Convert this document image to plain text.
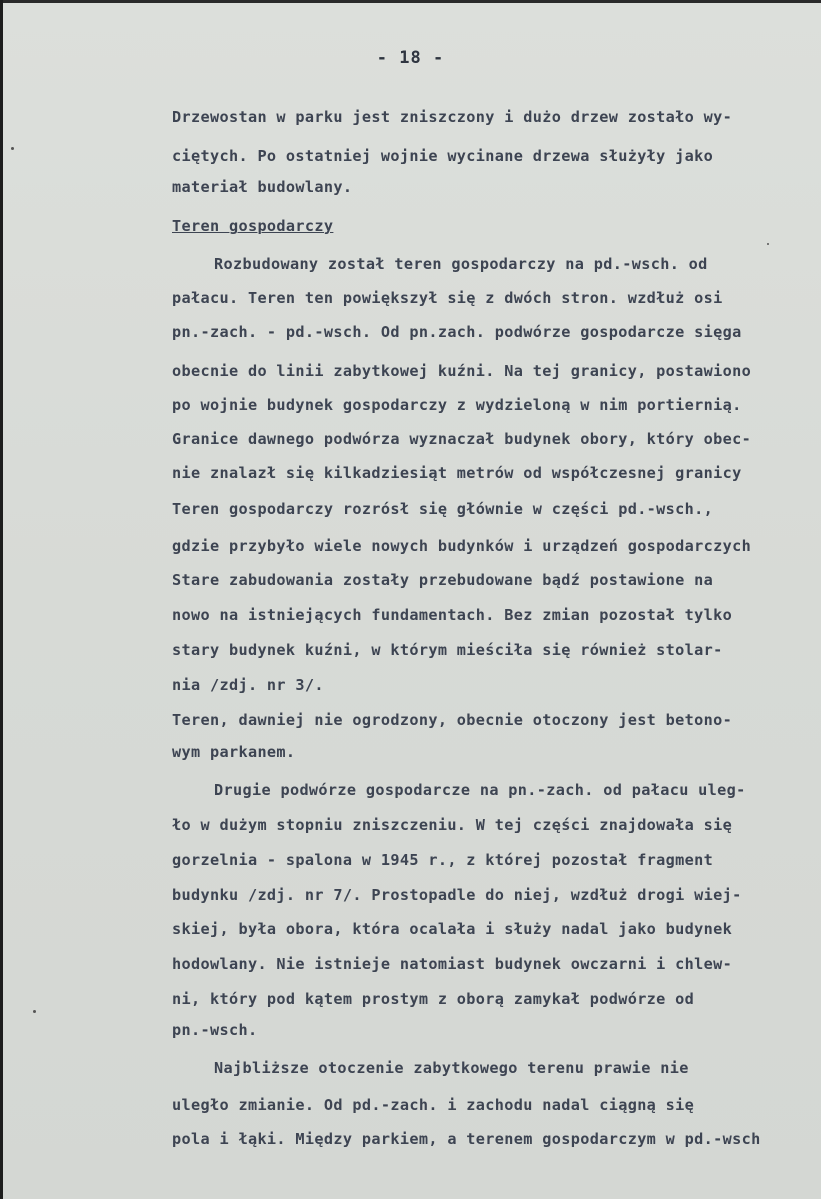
- 18 -
Drzewostan w parku jest zniszczony i dużo drzew zostało wy-
ciętych. Po ostatniej wojnie wycinane drzewa służyły jako
materiał budowlany.
Teren gospodarczy
Rozbudowany został teren gospodarczy na pd.-wsch. od
pałacu. Teren ten powiększył się z dwóch stron. wzdłuż osi
pn.-zach. - pd.-wsch. Od pn.zach. podwórze gospodarcze sięga
obecnie do linii zabytkowej kuźni. Na tej granicy, postawiono
po wojnie budynek gospodarczy z wydzieloną w nim portiernią.
Granice dawnego podwórza wyznaczał budynek obory, który obec-
nie znalazł się kilkadziesiąt metrów od współczesnej granicy
Teren gospodarczy rozrósł się głównie w części pd.-wsch.,
gdzie przybyło wiele nowych budynków i urządzeń gospodarczych
Stare zabudowania zostały przebudowane bądź postawione na
nowo na istniejących fundamentach. Bez zmian pozostał tylko
stary budynek kuźni, w którym mieściła się również stolar-
nia /zdj. nr 3/.
Teren, dawniej nie ogrodzony, obecnie otoczony jest betono-
wym parkanem.
Drugie podwórze gospodarcze na pn.-zach. od pałacu uleg-
ło w dużym stopniu zniszczeniu. W tej części znajdowała się
gorzelnia - spalona w 1945 r., z której pozostał fragment
budynku /zdj. nr 7/. Prostopadle do niej, wzdłuż drogi wiej-
skiej, była obora, która ocalała i służy nadal jako budynek
hodowlany. Nie istnieje natomiast budynek owczarni i chlew-
ni, który pod kątem prostym z oborą zamykał podwórze od
pn.-wsch.
Najbliższe otoczenie zabytkowego terenu prawie nie
uległo zmianie. Od pd.-zach. i zachodu nadal ciągną się
pola i łąki. Między parkiem, a terenem gospodarczym w pd.-wsch
